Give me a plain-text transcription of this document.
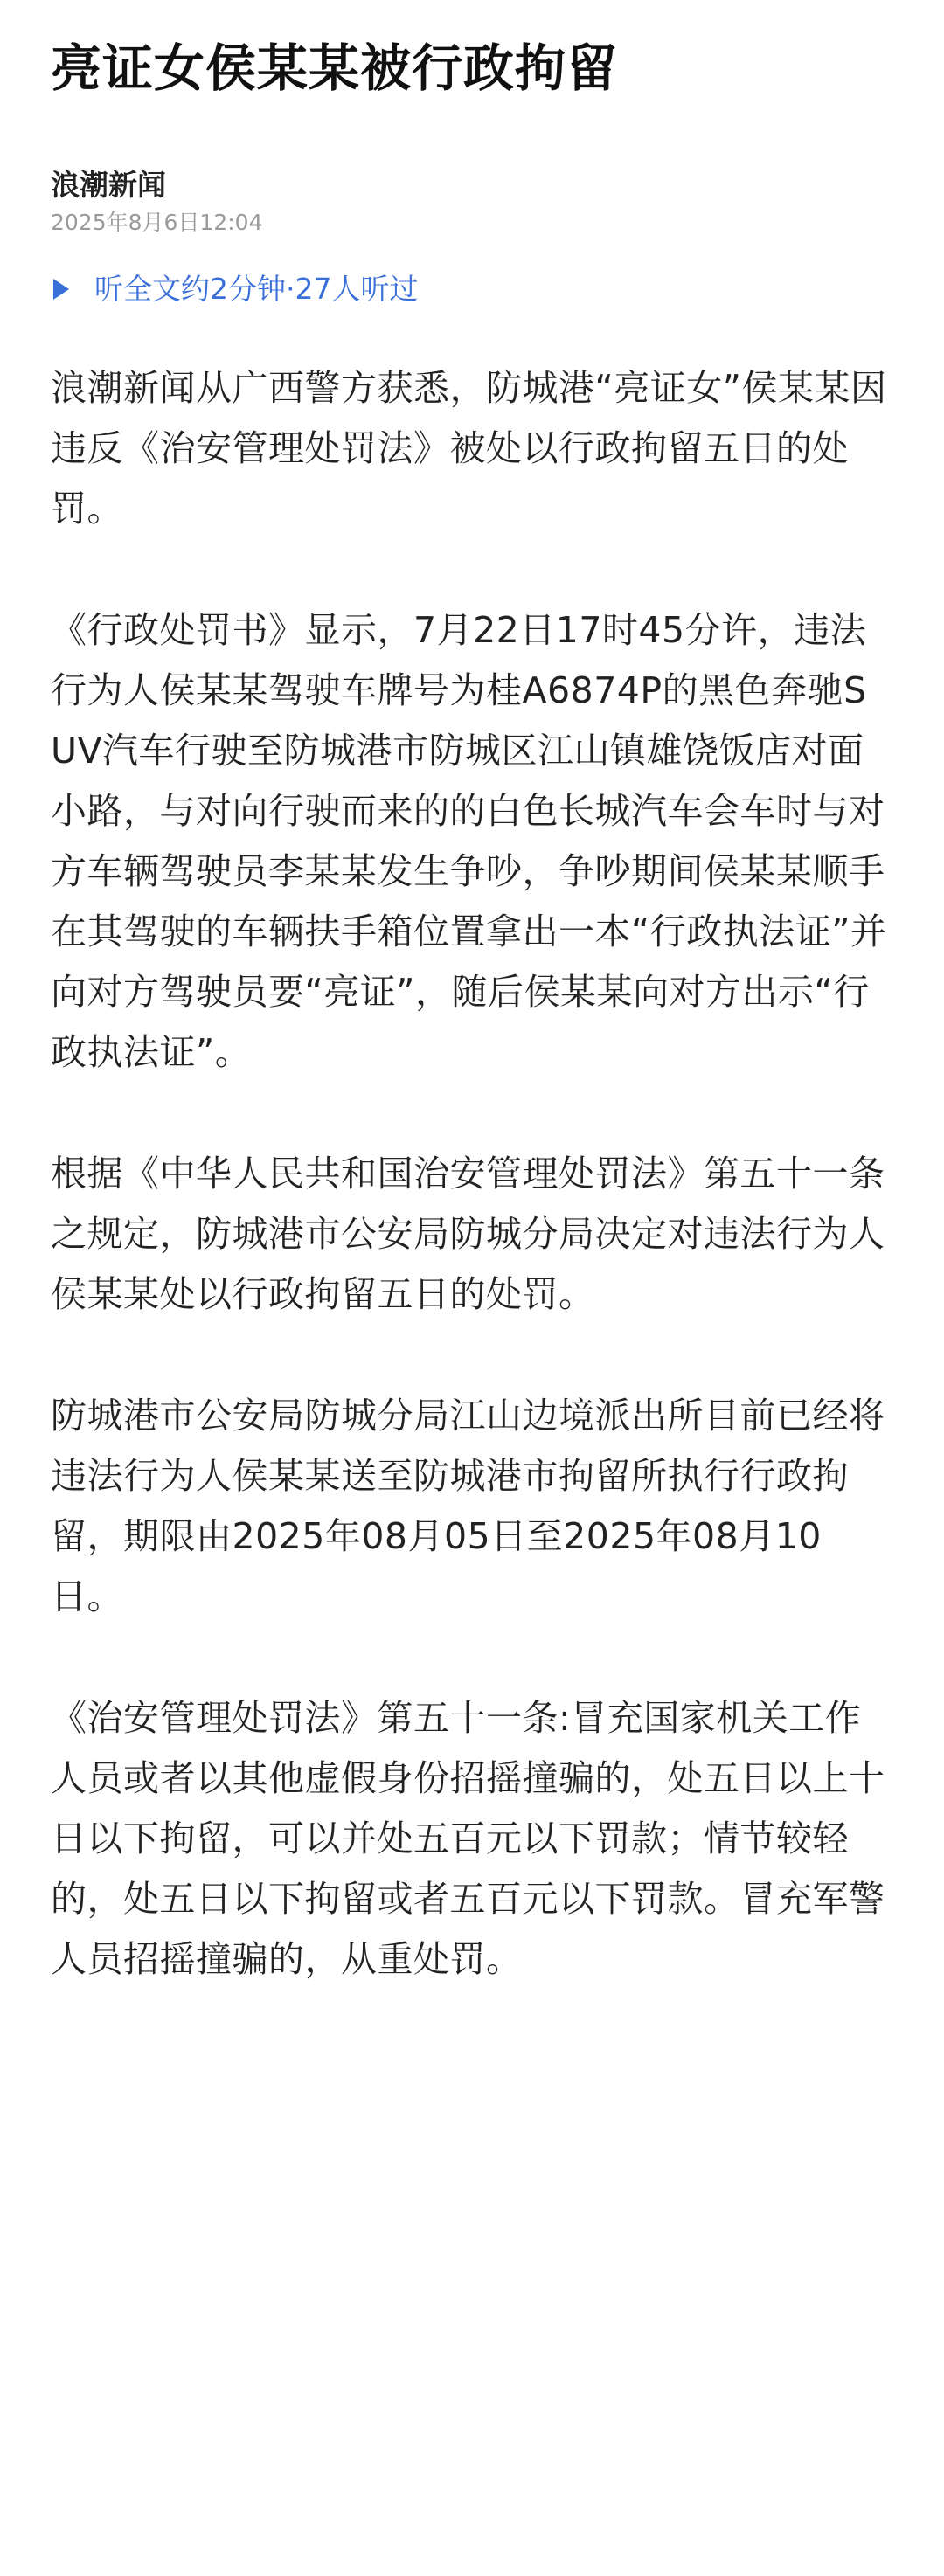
亮证女侯某某被行政拘留
浪潮新闻
2025年8月6日12:04
听全文约2分钟·27人听过

浪潮新闻从广西警方获悉，防城港“亮证女”侯某某因违反《治安管理处罚法》被处以行政拘留五日的处罚。

《行政处罚书》显示，7月22日17时45分许，违法行为人侯某某驾驶车牌号为桂A6874P的黑色奔驰SUV汽车行驶至防城港市防城区江山镇雄饶饭店对面小路，与对向行驶而来的的白色长城汽车会车时与对方车辆驾驶员李某某发生争吵，争吵期间侯某某顺手在其驾驶的车辆扶手箱位置拿出一本“行政执法证”并向对方驾驶员要“亮证”，随后侯某某向对方出示“行政执法证”。

根据《中华人民共和国治安管理处罚法》第五十一条之规定，防城港市公安局防城分局决定对违法行为人侯某某处以行政拘留五日的处罚。

防城港市公安局防城分局江山边境派出所目前已经将违法行为人侯某某送至防城港市拘留所执行行政拘留，期限由2025年08月05日至2025年08月10日。

《治安管理处罚法》第五十一条:冒充国家机关工作人员或者以其他虚假身份招摇撞骗的，处五日以上十日以下拘留，可以并处五百元以下罚款；情节较轻的，处五日以下拘留或者五百元以下罚款。冒充军警人员招摇撞骗的，从重处罚。
